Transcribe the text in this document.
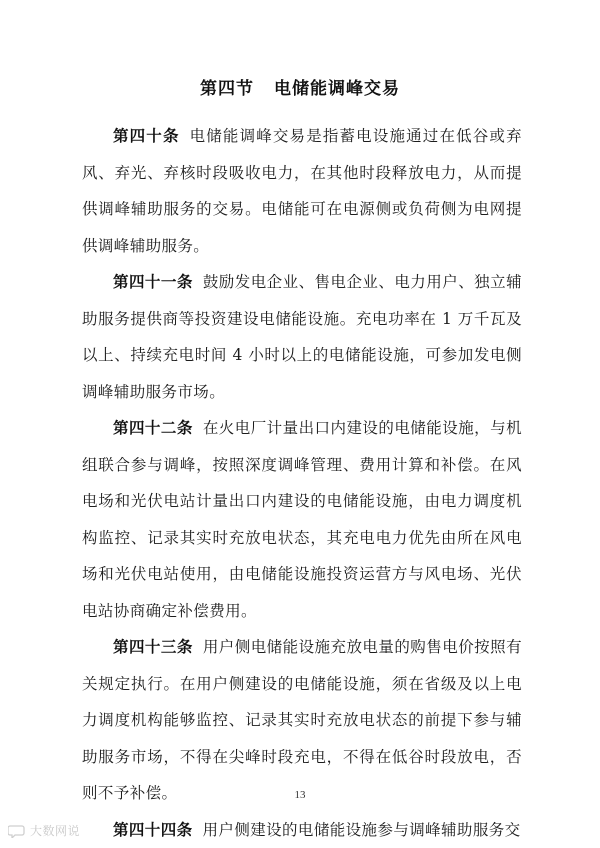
第四节 电储能调峰交易

第四十条 电储能调峰交易是指蓄电设施通过在低谷或弃风、弃光、弃核时段吸收电力，在其他时段释放电力，从而提供调峰辅助服务的交易。电储能可在电源侧或负荷侧为电网提供调峰辅助服务。

第四十一条 鼓励发电企业、售电企业、电力用户、独立辅助服务提供商等投资建设电储能设施。充电功率在 1 万千瓦及以上、持续充电时间 4 小时以上的电储能设施，可参加发电侧调峰辅助服务市场。

第四十二条 在火电厂计量出口内建设的电储能设施，与机组联合参与调峰，按照深度调峰管理、费用计算和补偿。在风电场和光伏电站计量出口内建设的电储能设施，由电力调度机构监控、记录其实时充放电状态，其充电电力优先由所在风电场和光伏电站使用，由电储能设施投资运营方与风电场、光伏电站协商确定补偿费用。

第四十三条 用户侧电储能设施充放电量的购售电价按照有关规定执行。在用户侧建设的电储能设施，须在省级及以上电力调度机构能够监控、记录其实时充放电状态的前提下参与辅助服务市场，不得在尖峰时段充电，不得在低谷时段放电，否则不予补偿。

第四十四条 用户侧建设的电储能设施参与调峰辅助服务交

13
大数网说
